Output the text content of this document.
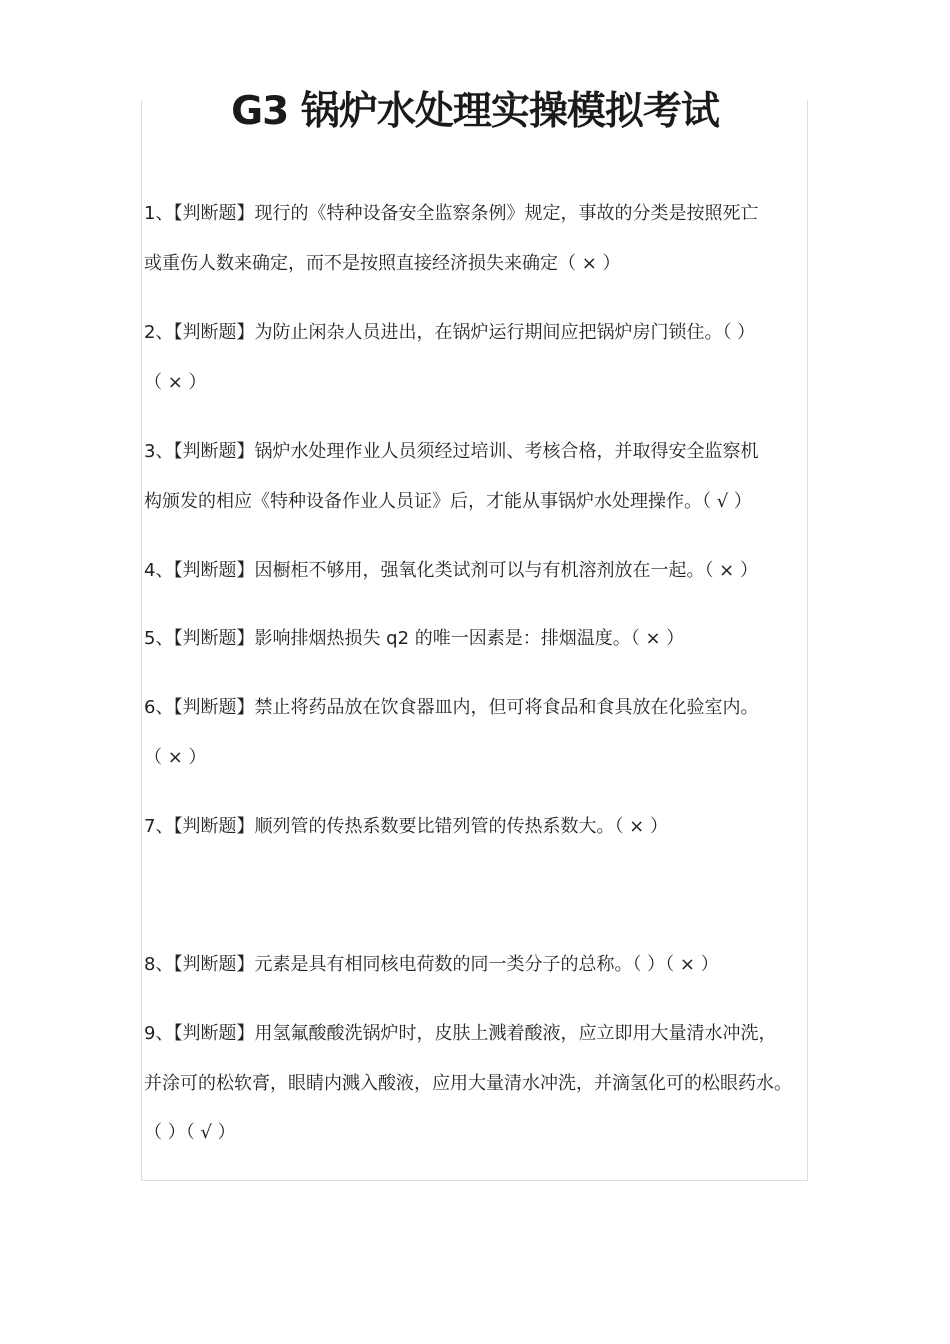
G3 锅炉水处理实操模拟考试
1、【判断题】现行的《特种设备安全监察条例》规定，事故的分类是按照死亡
或重伤人数来确定，而不是按照直接经济损失来确定（ × ）
2、【判断题】为防止闲杂人员进出，在锅炉运行期间应把锅炉房门锁住。（ ）
（ × ）
3、【判断题】锅炉水处理作业人员须经过培训、考核合格，并取得安全监察机
构颁发的相应《特种设备作业人员证》后，才能从事锅炉水处理操作。（ √ ）
4、【判断题】因橱柜不够用，强氧化类试剂可以与有机溶剂放在一起。（ × ）
5、【判断题】影响排烟热损失 q2 的唯一因素是：排烟温度。（ × ）
6、【判断题】禁止将药品放在饮食器皿内，但可将食品和食具放在化验室内。
（ × ）
7、【判断题】顺列管的传热系数要比错列管的传热系数大。（ × ）
8、【判断题】元素是具有相同核电荷数的同一类分子的总称。（ ）（ × ）
9、【判断题】用氢氟酸酸洗锅炉时，皮肤上溅着酸液，应立即用大量清水冲洗，
并涂可的松软膏，眼睛内溅入酸液，应用大量清水冲洗，并滴氢化可的松眼药水。
（ ）（ √ ）
